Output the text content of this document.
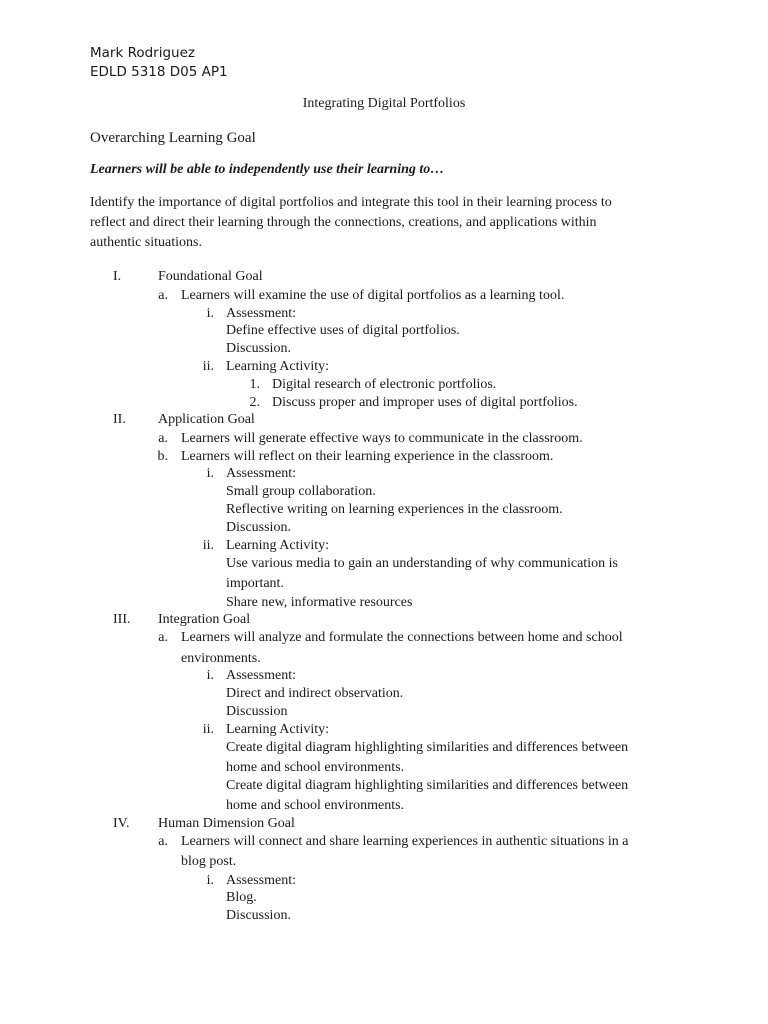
Mark Rodriguez
EDLD 5318 D05 AP1
Integrating Digital Portfolios
Overarching Learning Goal
Learners will be able to independently use their learning to…
Identify the importance of digital portfolios and integrate this tool in their learning process to
reflect and direct their learning through the connections, creations, and applications within
authentic situations.
I.	Foundational Goal
a. Learners will examine the use of digital portfolios as a learning tool.
i. Assessment:
Define effective uses of digital portfolios.
Discussion.
ii. Learning Activity:
1. Digital research of electronic portfolios.
2. Discuss proper and improper uses of digital portfolios.
II. Application Goal
a. Learners will generate effective ways to communicate in the classroom.
b. Learners will reflect on their learning experience in the classroom.
i. Assessment:
Small group collaboration.
Reflective writing on learning experiences in the classroom.
Discussion.
ii. Learning Activity:
Use various media to gain an understanding of why communication is
important.
Share new, informative resources
III. Integration Goal
a. Learners will analyze and formulate the connections between home and school
environments.
i. Assessment:
Direct and indirect observation.
Discussion
ii. Learning Activity:
Create digital diagram highlighting similarities and differences between
home and school environments.
Create digital diagram highlighting similarities and differences between
home and school environments.
IV. Human Dimension Goal
a. Learners will connect and share learning experiences in authentic situations in a
blog post.
i. Assessment:
Blog.
Discussion.
